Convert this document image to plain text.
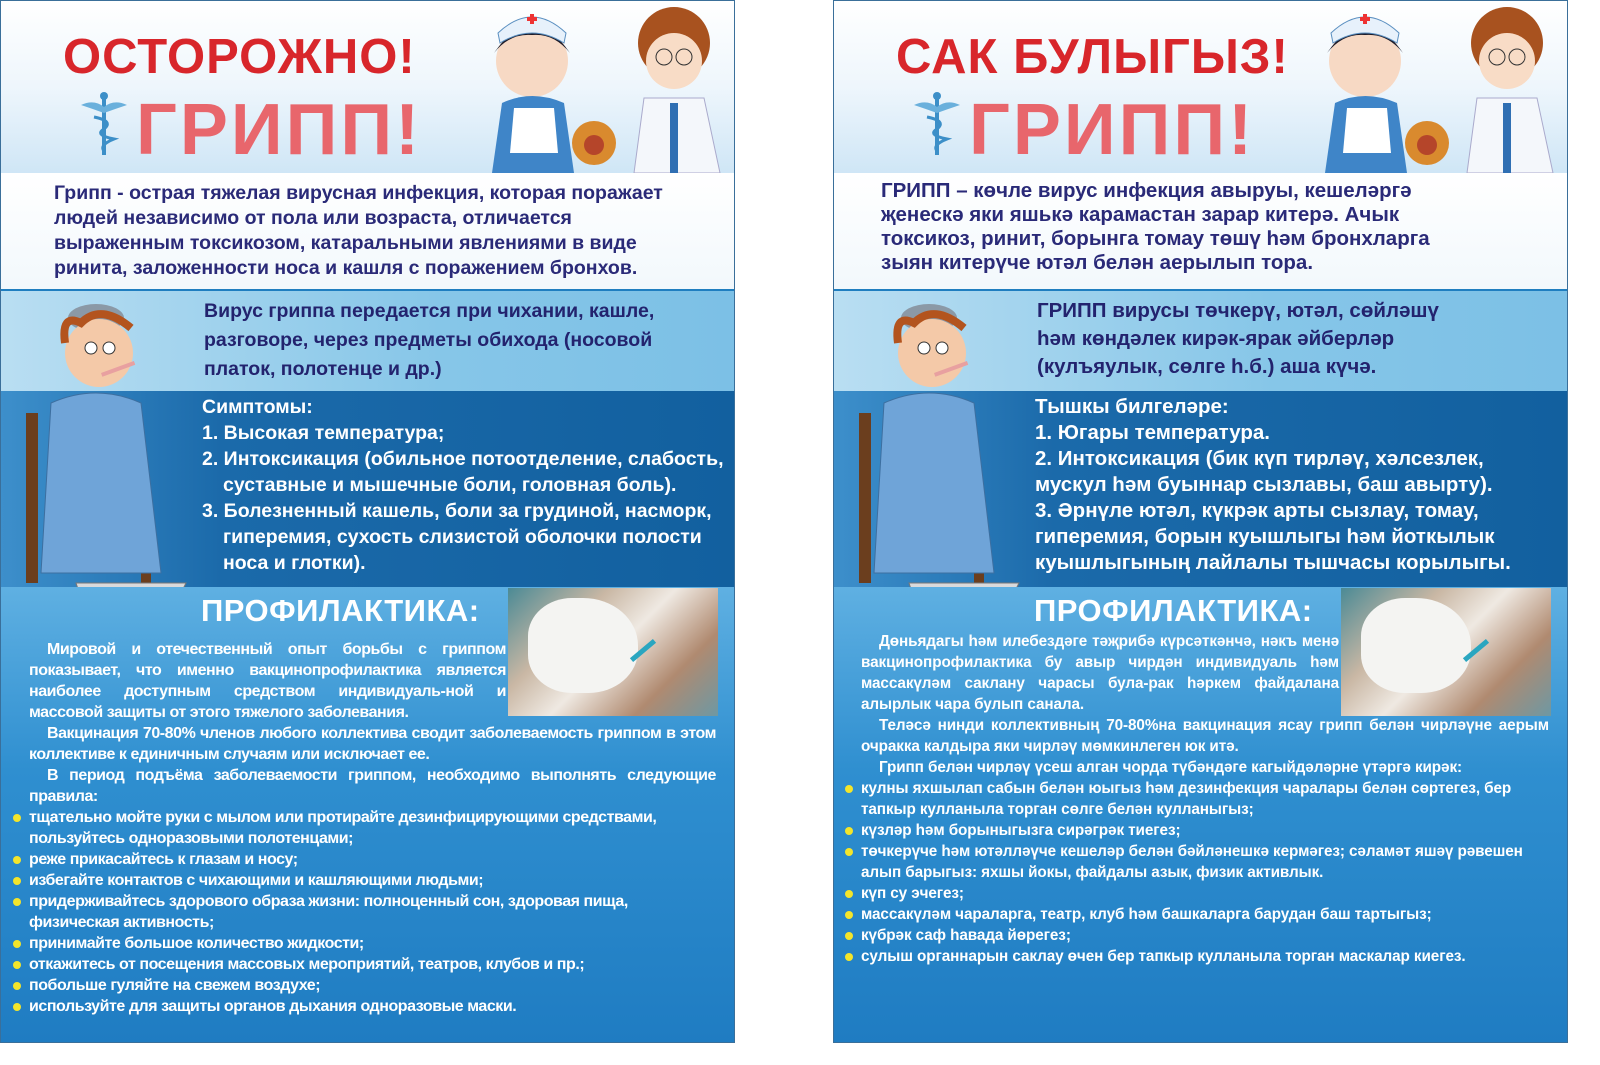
ОСТОРОЖНО!
ГРИПП!
Грипп - острая тяжелая вирусная инфекция, которая поражает
людей независимо от пола или возраста, отличается
выраженным токсикозом, катаральными явлениями в виде
ринита, заложенности носа и кашля с поражением бронхов.
Вирус гриппа передается при чихании, кашле,
разговоре, через предметы обихода (носовой
платок, полотенце и др.)
Симптомы:
1. Высокая температура;
2. Интоксикация (обильное потоотделение, слабость, суставные и мышечные боли, головная боль).
3. Болезненный кашель, боли за грудиной, насморк, гиперемия, сухость слизистой оболочки полости носа и глотки).
ПРОФИЛАКТИКА:
Мировой и отечественный опыт борьбы с гриппом показывает, что именно вакцинопрофилактика является наиболее доступным средством индивидуаль-ной и массовой защиты от этого тяжелого заболевания.
Вакцинация 70-80% членов любого коллектива сводит заболеваемость гриппом в этом коллективе к единичным случаям или исключает ее.
В период подъёма заболеваемости гриппом, необходимо выполнять следующие правила:
тщательно мойте руки с мылом или протирайте дезинфицирующими средствами, пользуйтесь одноразовыми полотенцами;
реже прикасайтесь к глазам и носу;
избегайте контактов с чихающими и кашляющими людьми;
придерживайтесь здорового образа жизни: полноценный сон, здоровая пища, физическая активность;
принимайте большое количество жидкости;
откажитесь от посещения массовых мероприятий, театров, клубов и пр.;
побольше гуляйте на свежем воздухе;
используйте для защиты органов дыхания одноразовые маски.
САК БУЛЫГЫЗ!
ГРИПП!
ГРИПП – көчле вирус инфекция авыруы, кешеләргә
җенескә яки яшькә карамастан зарар китерә. Ачык
токсикоз, ринит, борынга томау төшү һәм бронхларга
зыян китерүче ютәл белән аерылып тора.
ГРИПП вирусы төчкерү, ютәл, сөйләшү
һәм көндәлек кирәк-ярак әйберләр
(кулъяулык, сөлге һ.б.) аша күчә.
Тышкы билгеләре:
1. Югары температура.
2. Интоксикация (бик күп тирләү, хәлсезлек, мускул һәм буыннар сызлавы, баш авырту).
3. Әрнүле ютәл, күкрәк арты сызлау, томау, гиперемия, борын куышлыгы һәм йоткылык куышлыгының лайлалы тышчасы корылыгы.
ПРОФИЛАКТИКА:
Дөньядагы һәм илебездәге тәҗрибә күрсәткәнчә, нәкъ менә вакцинопрофилактика бу авыр чирдән индивидуаль һәм массакүләм саклану чарасы булa-рак һәркем файдалана алырлык чара булып санала.
Теләсә нинди коллективның 70-80%на вакцинация ясау грипп белән чирләүне аерым очракка калдыра яки чирләү мөмкинлеген юк итә.
Грипп белән чирләү үсеш алган чорда түбәндәге кагыйдәләрне үтәргә кирәк:
кулны яхшылап сабын белән юыгыз һәм дезинфекция чаралары белән сөртегез, бер тапкыр кулланыла торган сөлге белән кулланыгыз;
күзләр һәм борыныгызга сирәгрәк тиегез;
төчкерүче һәм ютәлләүче кешеләр белән бәйләнешкә кермәгез; сәламәт яшәү рәвешен алып барыгыз: яхшы йокы, файдалы азык, физик активлык.
күп су эчегез;
массакүләм чараларга, театр, клуб һәм башкаларга барудан баш тартыгыз;
күбрәк саф һавада йөрегез;
сулыш органнарын саклау өчен бер тапкыр кулланыла торган маскалар киегез.
